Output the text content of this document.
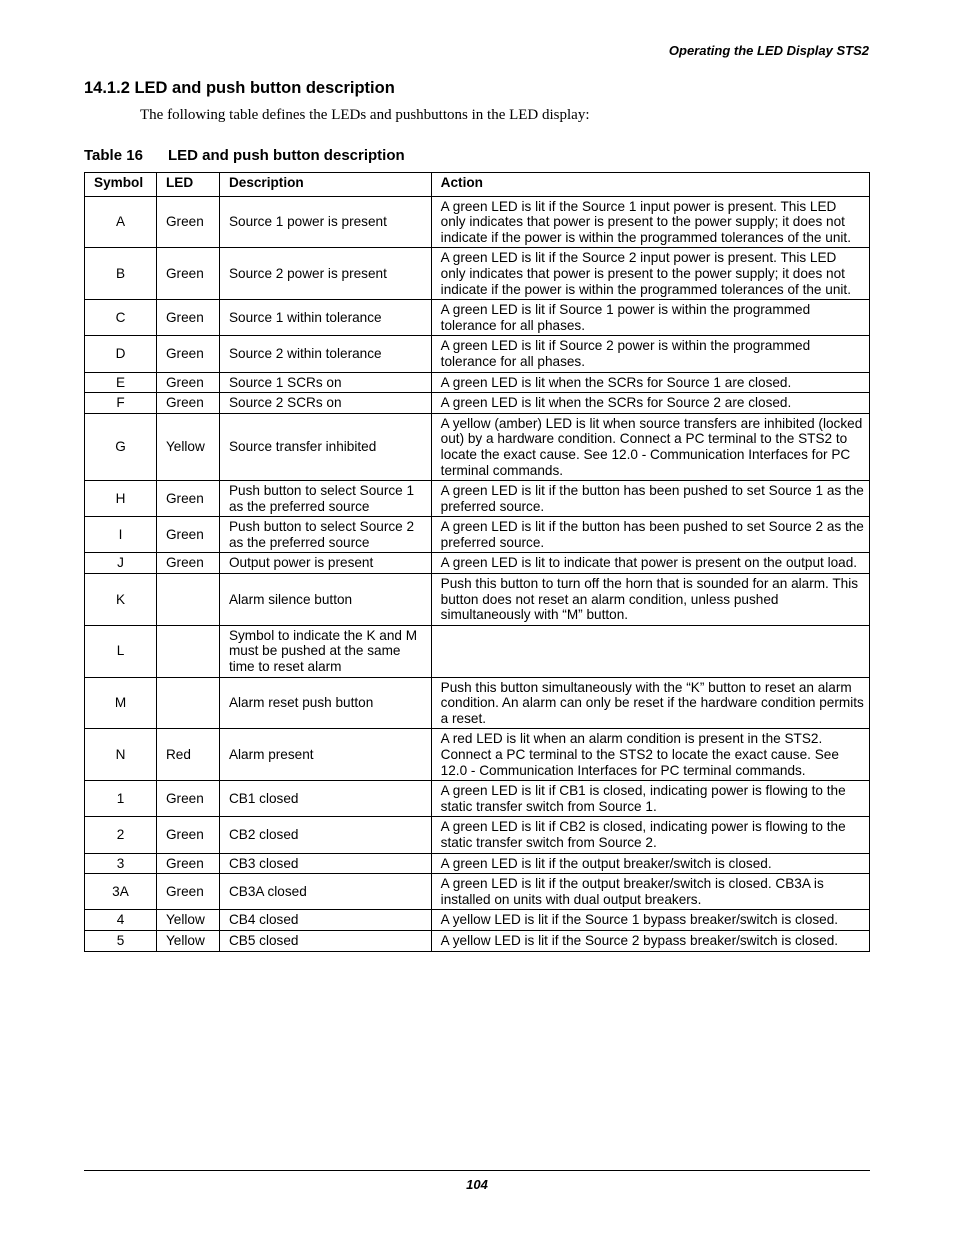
Operating the LED Display STS2
14.1.2 LED and push button description
The following table defines the LEDs and pushbuttons in the LED display:
Table 16 LED and push button description
Symbol	LED	Description	Action
A	Green	Source 1 power is present	A green LED is lit if the Source 1 input power is present. This LED only indicates that power is present to the power supply; it does not indicate if the power is within the programmed tolerances of the unit.
B	Green	Source 2 power is present	A green LED is lit if the Source 2 input power is present. This LED only indicates that power is present to the power supply; it does not indicate if the power is within the programmed tolerances of the unit.
C	Green	Source 1 within tolerance	A green LED is lit if Source 1 power is within the programmed tolerance for all phases.
D	Green	Source 2 within tolerance	A green LED is lit if Source 2 power is within the programmed tolerance for all phases.
E	Green	Source 1 SCRs on	A green LED is lit when the SCRs for Source 1 are closed.
F	Green	Source 2 SCRs on	A green LED is lit when the SCRs for Source 2 are closed.
G	Yellow	Source transfer inhibited	A yellow (amber) LED is lit when source transfers are inhibited (locked out) by a hardware condition. Connect a PC terminal to the STS2 to locate the exact cause. See 12.0 - Communication Interfaces for PC terminal commands.
H	Green	Push button to select Source 1 as the preferred source	A green LED is lit if the button has been pushed to set Source 1 as the preferred source.
I	Green	Push button to select Source 2 as the preferred source	A green LED is lit if the button has been pushed to set Source 2 as the preferred source.
J	Green	Output power is present	A green LED is lit to indicate that power is present on the output load.
K		Alarm silence button	Push this button to turn off the horn that is sounded for an alarm. This button does not reset an alarm condition, unless pushed simultaneously with “M” button.
L		Symbol to indicate the K and M must be pushed at the same time to reset alarm	
M		Alarm reset push button	Push this button simultaneously with the “K” button to reset an alarm condition. An alarm can only be reset if the hardware condition permits a reset.
N	Red	Alarm present	A red LED is lit when an alarm condition is present in the STS2. Connect a PC terminal to the STS2 to locate the exact cause. See 12.0 - Communication Interfaces for PC terminal commands.
1	Green	CB1 closed	A green LED is lit if CB1 is closed, indicating power is flowing to the static transfer switch from Source 1.
2	Green	CB2 closed	A green LED is lit if CB2 is closed, indicating power is flowing to the static transfer switch from Source 2.
3	Green	CB3 closed	A green LED is lit if the output breaker/switch is closed.
3A	Green	CB3A closed	A green LED is lit if the output breaker/switch is closed. CB3A is installed on units with dual output breakers.
4	Yellow	CB4 closed	A yellow LED is lit if the Source 1 bypass breaker/switch is closed.
5	Yellow	CB5 closed	A yellow LED is lit if the Source 2 bypass breaker/switch is closed.
104
